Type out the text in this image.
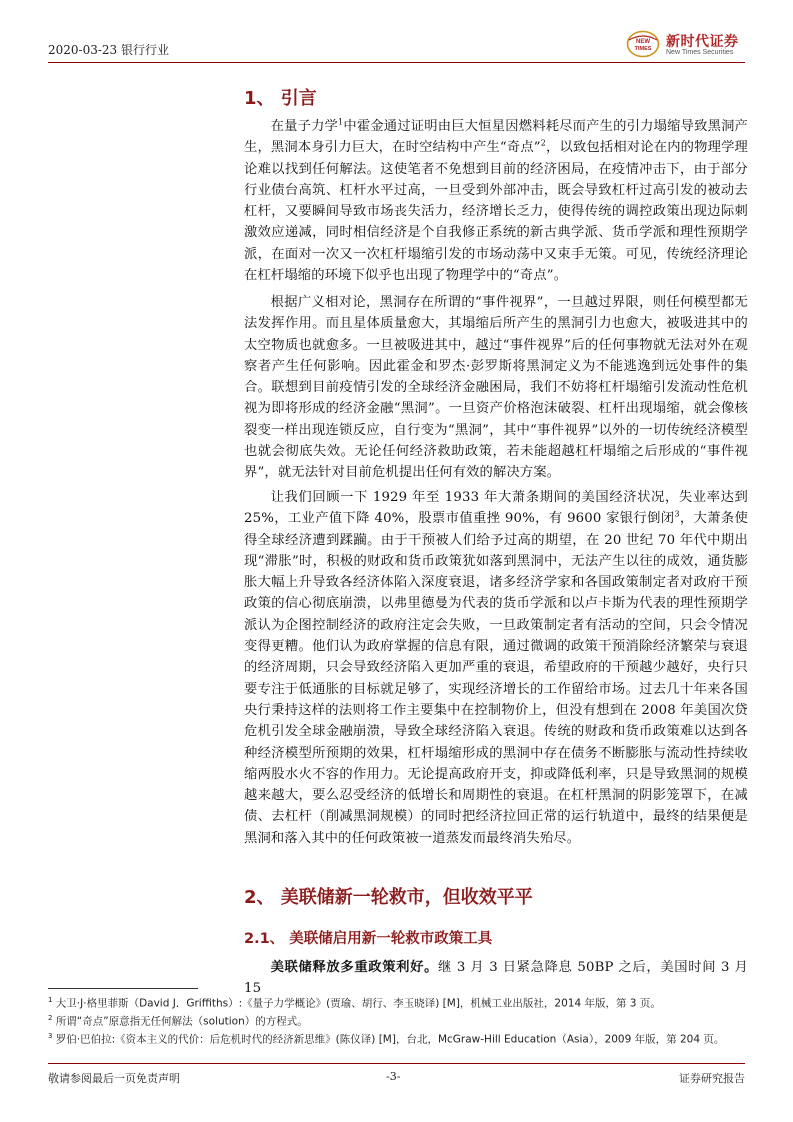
2020-03-23 银行行业
NEW
TIMES 新时代证券
New Times Securities
1、 引言

在量子力学$^1$中霍金通过证明由巨大恒星因燃料耗尽而产生的引力塌缩导致黑洞产生，黑洞本身引力巨大，在时空结构中产生“奇点”$^2$，以致包括相对论在内的物理学理论难以找到任何解法。这使笔者不免想到目前的经济困局，在疫情冲击下，由于部分行业债台高筑、杠杆水平过高，一旦受到外部冲击，既会导致杠杆过高引发的被动去杠杆，又要瞬间导致市场丧失活力，经济增长乏力，使得传统的调控政策出现边际刺激效应递减，同时相信经济是个自我修正系统的新古典学派、货币学派和理性预期学派，在面对一次又一次杠杆塌缩引发的市场动荡中又束手无策。可见，传统经济理论在杠杆塌缩的环境下似乎也出现了物理学中的“奇点”。

根据广义相对论，黑洞存在所谓的“事件视界”，一旦越过界限，则任何模型都无法发挥作用。而且星体质量愈大，其塌缩后所产生的黑洞引力也愈大，被吸进其中的太空物质也就愈多。一旦被吸进其中，越过“事件视界”后的任何事物就无法对外在观察者产生任何影响。因此霍金和罗杰·彭罗斯将黑洞定义为不能逃逸到远处事件的集合。联想到目前疫情引发的全球经济金融困局，我们不妨将杠杆塌缩引发流动性危机视为即将形成的经济金融“黑洞”。一旦资产价格泡沫破裂、杠杆出现塌缩，就会像核裂变一样出现连锁反应，自行变为“黑洞”，其中“事件视界”以外的一切传统经济模型也就会彻底失效。无论任何经济救助政策，若未能超越杠杆塌缩之后形成的“事件视界”，就无法针对目前危机提出任何有效的解决方案。

让我们回顾一下 1929 年至 1933 年大萧条期间的美国经济状况，失业率达到 25%，工业产值下降 40%，股票市值重挫 90%，有 9600 家银行倒闭$^3$，大萧条使得全球经济遭到蹂躏。由于干预被人们给予过高的期望，在 20 世纪 70 年代中期出现“滞胀”时，积极的财政和货币政策犹如落到黑洞中，无法产生以往的成效，通货膨胀大幅上升导致各经济体陷入深度衰退，诸多经济学家和各国政策制定者对政府干预政策的信心彻底崩溃，以弗里德曼为代表的货币学派和以卢卡斯为代表的理性预期学派认为企图控制经济的政府注定会失败，一旦政策制定者有活动的空间，只会令情况变得更糟。他们认为政府掌握的信息有限，通过微调的政策干预消除经济繁荣与衰退的经济周期，只会导致经济陷入更加严重的衰退，希望政府的干预越少越好，央行只要专注于低通胀的目标就足够了，实现经济增长的工作留给市场。过去几十年来各国央行秉持这样的法则将工作主要集中在控制物价上，但没有想到在 2008 年美国次贷危机引发全球金融崩溃，导致全球经济陷入衰退。传统的财政和货币政策难以达到各种经济模型所预期的效果，杠杆塌缩形成的黑洞中存在债务不断膨胀与流动性持续收缩两股水火不容的作用力。无论提高政府开支，抑或降低利率，只是导致黑洞的规模越来越大，要么忍受经济的低增长和周期性的衰退。在杠杆黑洞的阴影笼罩下，在减债、去杠杆（削减黑洞规模）的同时把经济拉回正常的运行轨道中，最终的结果便是黑洞和落入其中的任何政策被一道蒸发而最终消失殆尽。

2、 美联储新一轮救市，但收效平平
2.1、 美联储启用新一轮救市政策工具

美联储释放多重政策利好。继 3 月 3 日紧急降息 50BP 之后，美国时间 3 月 15

$^1$ 大卫·J·格里菲斯（David J．Griffiths）:《量子力学概论》(贾瑜、胡行、李玉晓译) [M]，机械工业出版社，2014 年版，第 3 页。

$^2$ 所谓“奇点”原意指无任何解法（solution）的方程式。

$^3$ 罗伯·巴伯拉:《资本主义的代价：后危机时代的经济新思维》(陈仪译) [M]，台北，McGraw-Hill Education（Asia），2009 年版，第 204 页。

敬请参阅最后一页免责声明	-3-	证券研究报告
